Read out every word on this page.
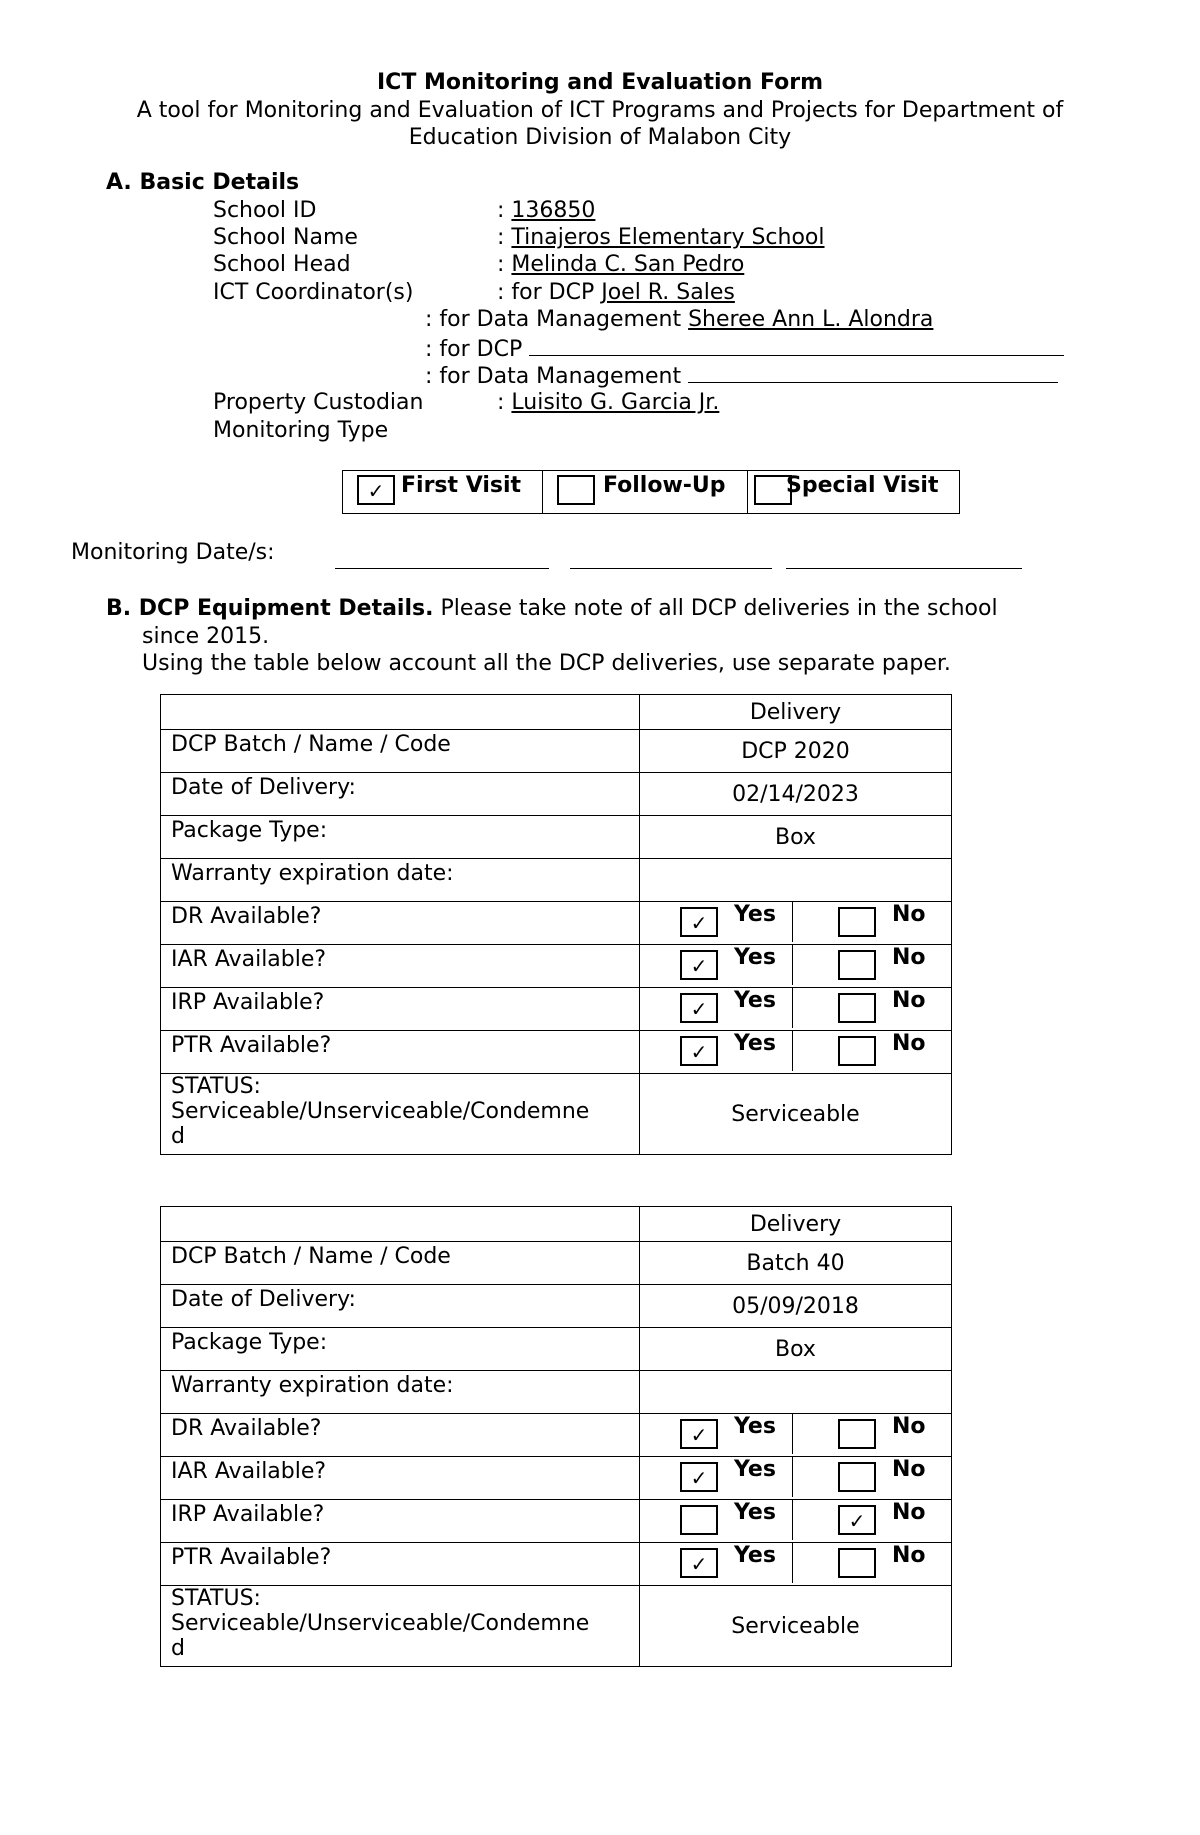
ICT Monitoring and Evaluation Form
A tool for Monitoring and Evaluation of ICT Programs and Projects for Department of
Education Division of Malabon City
A. Basic Details
School ID	: 136850
School Name	: Tinajeros Elementary School
School Head	: Melinda C. San Pedro
ICT Coordinator(s)	: for DCP Joel R. Sales
: for Data Management Sheree Ann L. Alondra
: for DCP
: for Data Management
Property Custodian	: Luisito G. Garcia Jr.
Monitoring Type
✓ First Visit	Follow-Up	Special Visit
Monitoring Date/s:
B. DCP Equipment Details. Please take note of all DCP deliveries in the school
since 2015.
Using the table below account all the DCP deliveries, use separate paper.
	Delivery
DCP Batch / Name / Code	DCP 2020
Date of Delivery:	02/14/2023
Package Type:	Box
Warranty expiration date:	
DR Available?	✓ Yes No

IAR Available?	✓ Yes No

IRP Available?	✓ Yes No

PTR Available?	✓ Yes No

STATUS:
Serviceable/Unserviceable/Condemne
d	Serviceable
	Delivery
DCP Batch / Name / Code	Batch 40
Date of Delivery:	05/09/2018
Package Type:	Box
Warranty expiration date:	
DR Available?	✓ Yes No

IAR Available?	✓ Yes No

IRP Available?	Yes ✓ No

PTR Available?	✓ Yes No

STATUS:
Serviceable/Unserviceable/Condemne
d	Serviceable
